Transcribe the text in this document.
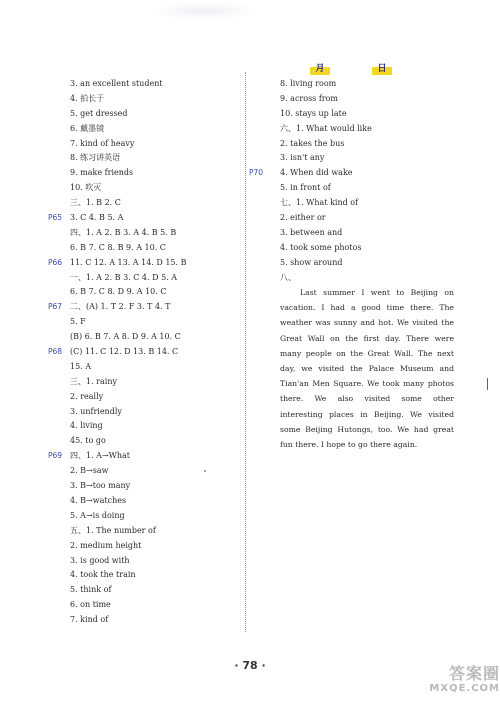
月	日
3. an excellent student
4. 拍长于
5. get dressed
6. 戴墨镜
7. kind of heavy
8. 练习讲英语
9. make friends
10. 吹灭
三、1. B 2. C
P65 3. C 4. B 5. A
四、1. A 2. B 3. A 4. B 5. B
6. B 7. C 8. B 9. A 10. C
P66 11. C 12. A 13. A 14. D 15. B
一、1. A 2. B 3. C 4. D 5. A
6. B 7. C 8. D 9. A 10. C
P67 二、(A) 1. T 2. F 3. T 4. T
5. F
(B) 6. B 7. A 8. D 9. A 10. C
P68 (C) 11. C 12. D 13. B 14. C
15. A
三、1. rainy
2. really
3. unfriendly
4. living
45. to go
P69 四、1. A→What
2. B→saw
3. B→too many
4. B→watches
5. A→is doing
五、1. The number of
2. medium height
3. is good with
4. took the train
5. think of
6. on time
7. kind of
8. living room
9. across from
10. stays up late
六、1. What would like
2. takes the bus
3. isn't any
P70 4. When did wake
5. in front of
七、1. What kind of
2. either or
3. between and
4. took some photos
5. show around
八、
Last summer I went to Beijing on vacation. I had a good time there. The weather was sunny and hot. We visited the Great Wall on the first day. There were many people on the Great Wall. The next day, we visited the Palace Museum and Tian'an Men Square. We took many photos there. We also visited some other interesting places in Beijing. We visited some Beijing Hutongs, too. We had great fun there. I hope to go there again.
· 78 ·	答案圈
MXQE.COM
